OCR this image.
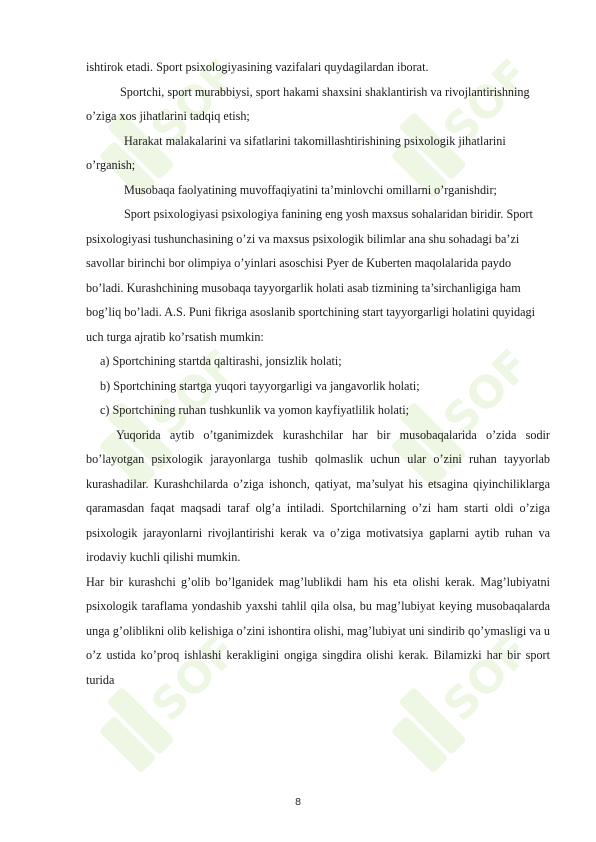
SOF	SOF
SOF	SOF
SOF	SOF

ishtirok etadi. Sport psixologiyasining vazifalari quydagilardan iborat.

Sportchi, sport murabbiysi, sport hakami shaxsini shaklantirish va rivojlantirishning o’ziga xos jihatlarini tadqiq etish;

Harakat malakalarini va sifatlarini takomillashtirishining psixologik jihatlarini o’rganish;

Musobaqa faolyatining muvoffaqiyatini ta’minlovchi omillarni o’rganishdir;

Sport psixologiyasi psixologiya fanining eng yosh maxsus sohalaridan biridir. Sport psixologiyasi tushunchasining o’zi va maxsus psixologik bilimlar ana shu sohadagi ba’zi savollar birinchi bor olimpiya o’yinlari asoschisi Pyer de Kuberten maqolalarida paydo bo’ladi. Kurashchining musobaqa tayyorgarlik holati asab tizmining ta’sirchanligiga ham bog’liq bo’ladi. A.S. Puni fikriga asoslanib sportchining start tayyorgarligi holatini quyidagi uch turga ajratib ko’rsatish mumkin:

a) Sportchining startda qaltirashi, jonsizlik holati;

b) Sportchining startga yuqori tayyorgarligi va jangavorlik holati;

c) Sportchining ruhan tushkunlik va yomon kayfiyatlilik holati;

Yuqorida aytib o’tganimizdek kurashchilar har bir musobaqalarida o’zida sodir bo’layotgan psixologik jarayonlarga tushib qolmaslik uchun ular o’zini ruhan tayyorlab kurashadilar. Kurashchilarda o’ziga ishonch, qatiyat, ma’sulyat his etsagina qiyinchiliklarga qaramasdan faqat maqsadi taraf olg’a intiladi. Sportchilarning o’zi ham starti oldi o’ziga psixologik jarayonlarni rivojlantirishi kerak va o’ziga motivatsiya gaplarni aytib ruhan va irodaviy kuchli qilishi mumkin.

Har bir kurashchi g’olib bo’lganidek mag’lublikdi ham his eta olishi kerak. Mag’lubiyatni psixologik taraflama yondashib yaxshi tahlil qila olsa, bu mag’lubiyat keying musobaqalarda unga g’oliblikni olib kelishiga o’zini ishontira olishi, mag’lubiyat uni sindirib qo’ymasligi va u o’z ustida ko’proq ishlashi kerakligini ongiga singdira olishi kerak. Bilamizki har bir sport turida

8
